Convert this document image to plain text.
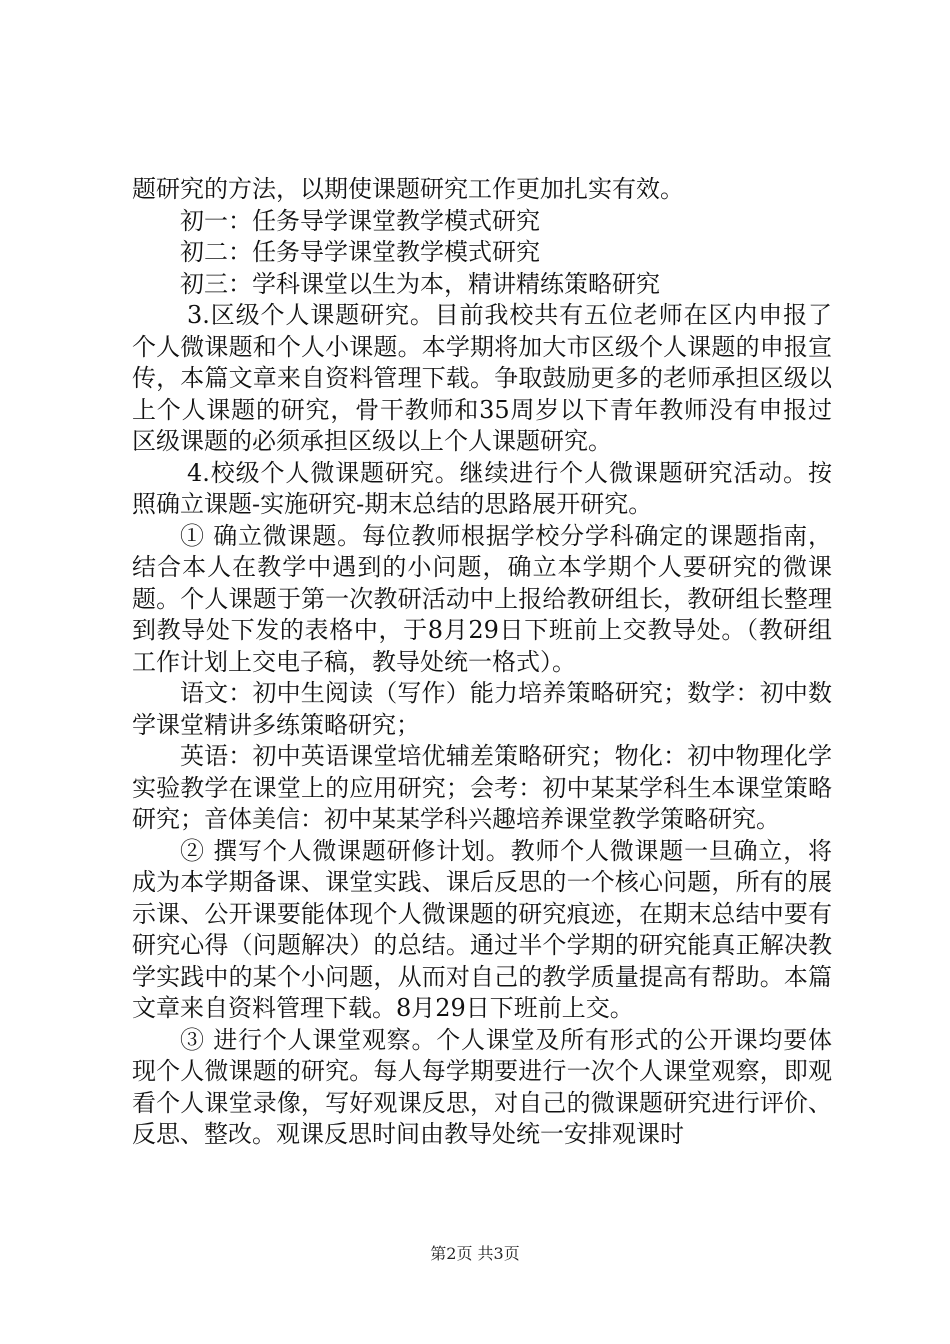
题研究的方法，以期使课题研究工作更加扎实有效。

初一：任务导学课堂教学模式研究

初二：任务导学课堂教学模式研究

初三：学科课堂以生为本，精讲精练策略研究

3.区级个人课题研究。目前我校共有五位老师在区内申报了个人微课题和个人小课题。本学期将加大市区级个人课题的申报宣传，本篇文章来自资料管理下载。争取鼓励更多的老师承担区级以上个人课题的研究，骨干教师和35周岁以下青年教师没有申报过区级课题的必须承担区级以上个人课题研究。

4.校级个人微课题研究。继续进行个人微课题研究活动。按照确立课题-实施研究-期末总结的思路展开研究。

① 确立微课题。每位教师根据学校分学科确定的课题指南，结合本人在教学中遇到的小问题，确立本学期个人要研究的微课题。个人课题于第一次教研活动中上报给教研组长，教研组长整理到教导处下发的表格中，于8月29日下班前上交教导处。（教研组工作计划上交电子稿，教导处统一格式）。

语文：初中生阅读（写作）能力培养策略研究；数学：初中数学课堂精讲多练策略研究；

英语：初中英语课堂培优辅差策略研究；物化：初中物理化学实验教学在课堂上的应用研究；会考：初中某某学科生本课堂策略研究；音体美信：初中某某学科兴趣培养课堂教学策略研究。

② 撰写个人微课题研修计划。教师个人微课题一旦确立，将成为本学期备课、课堂实践、课后反思的一个核心问题，所有的展示课、公开课要能体现个人微课题的研究痕迹，在期末总结中要有研究心得（问题解决）的总结。通过半个学期的研究能真正解决教学实践中的某个小问题，从而对自己的教学质量提高有帮助。本篇文章来自资料管理下载。8月29日下班前上交。

③ 进行个人课堂观察。个人课堂及所有形式的公开课均要体现个人微课题的研究。每人每学期要进行一次个人课堂观察，即观看个人课堂录像，写好观课反思，对自己的微课题研究进行评价、反思、整改。观课反思时间由教导处统一安排观课时

第2页 共3页
